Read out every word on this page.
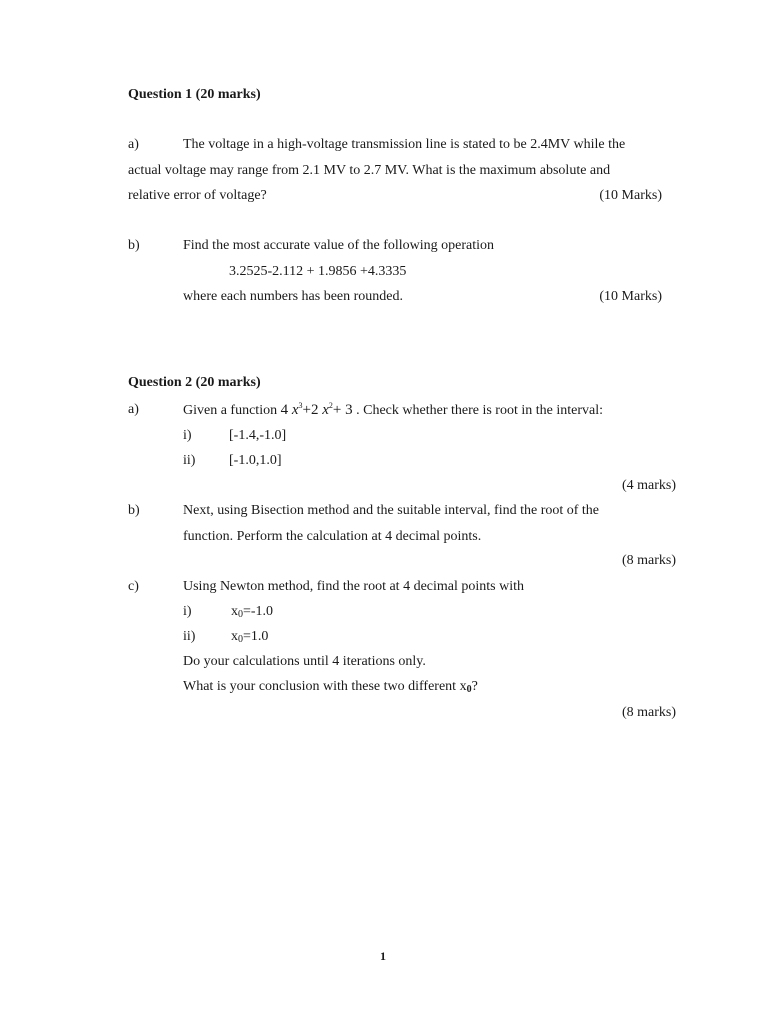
Question 1 (20 marks)
a)	The voltage in a high-voltage transmission line is stated to be 2.4MV while the
actual voltage may range from 2.1 MV to 2.7 MV. What is the maximum absolute and
relative error of voltage?	(10 Marks)
b)	Find the most accurate value of the following operation
3.2525-2.112 + 1.9856 +4.3335
where each numbers has been rounded.	(10 Marks)
Question 2 (20 marks)
a)	Given a function 4 $x^3+2$ $x^2+ 3$ . Check whether there is root in the interval:
i)	[-1.4,-1.0]
ii) [-1.0,1.0]
(4 marks)
b)	Next, using Bisection method and the suitable interval, find the root of the
function. Perform the calculation at 4 decimal points.
(8 marks)
c)	Using Newton method, find the root at 4 decimal points with
i)	$x_0=-1.0$
ii)	$x_0=1.0$
Do your calculations until 4 iterations only.
What is your conclusion with these two different $x_0$?
(8 marks)
1
